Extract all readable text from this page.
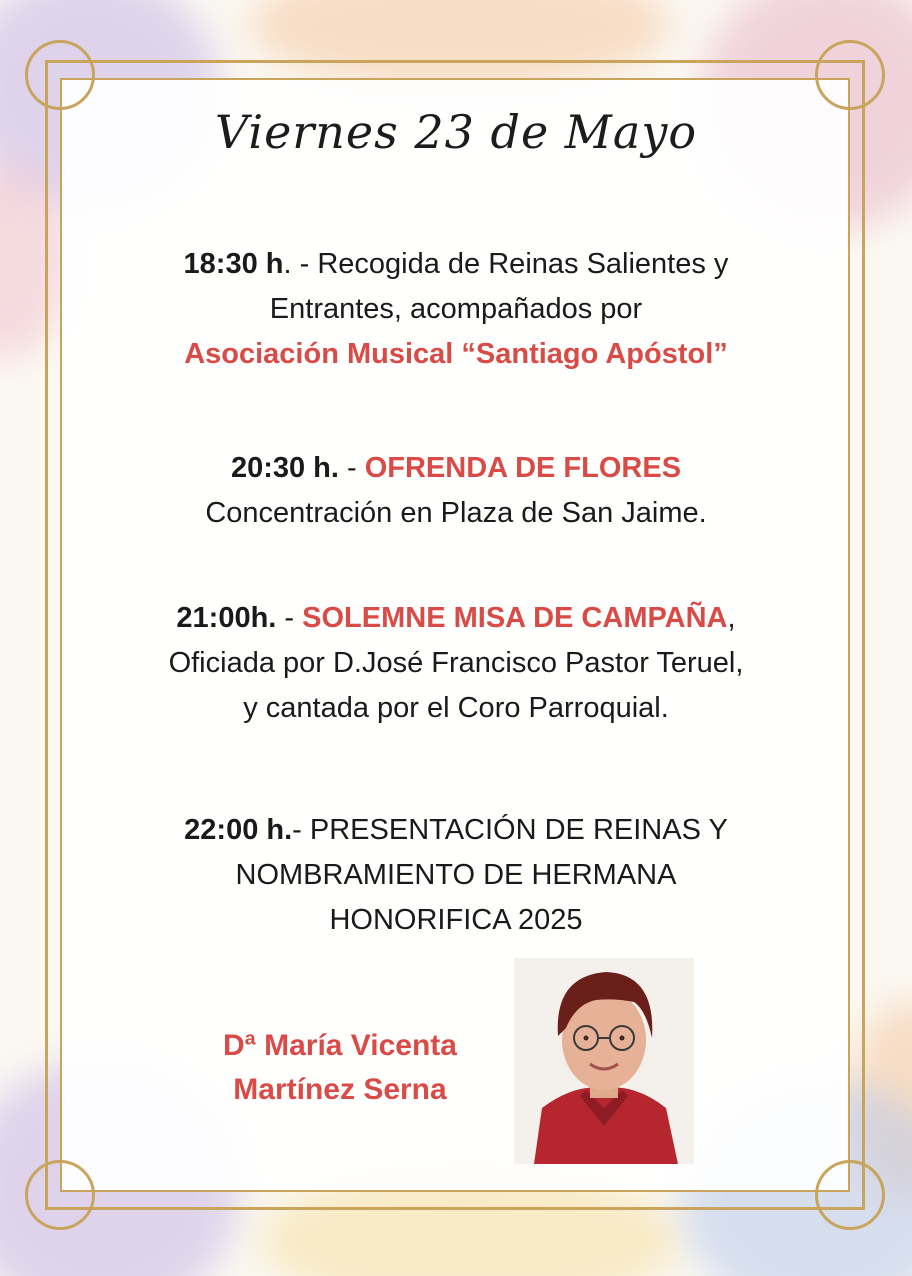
Viernes 23 de Mayo
18:30 h. - Recogida de Reinas Salientes y
Entrantes, acompañados por
Asociación Musical “Santiago Apóstol”
20:30 h. - OFRENDA DE FLORES
Concentración en Plaza de San Jaime.
21:00h. - SOLEMNE MISA DE CAMPAÑA,
Oficiada por D.José Francisco Pastor Teruel,
y cantada por el Coro Parroquial.
22:00 h.- PRESENTACIÓN DE REINAS Y
NOMBRAMIENTO DE HERMANA
HONORIFICA 2025
Dª María Vicenta
Martínez Serna
